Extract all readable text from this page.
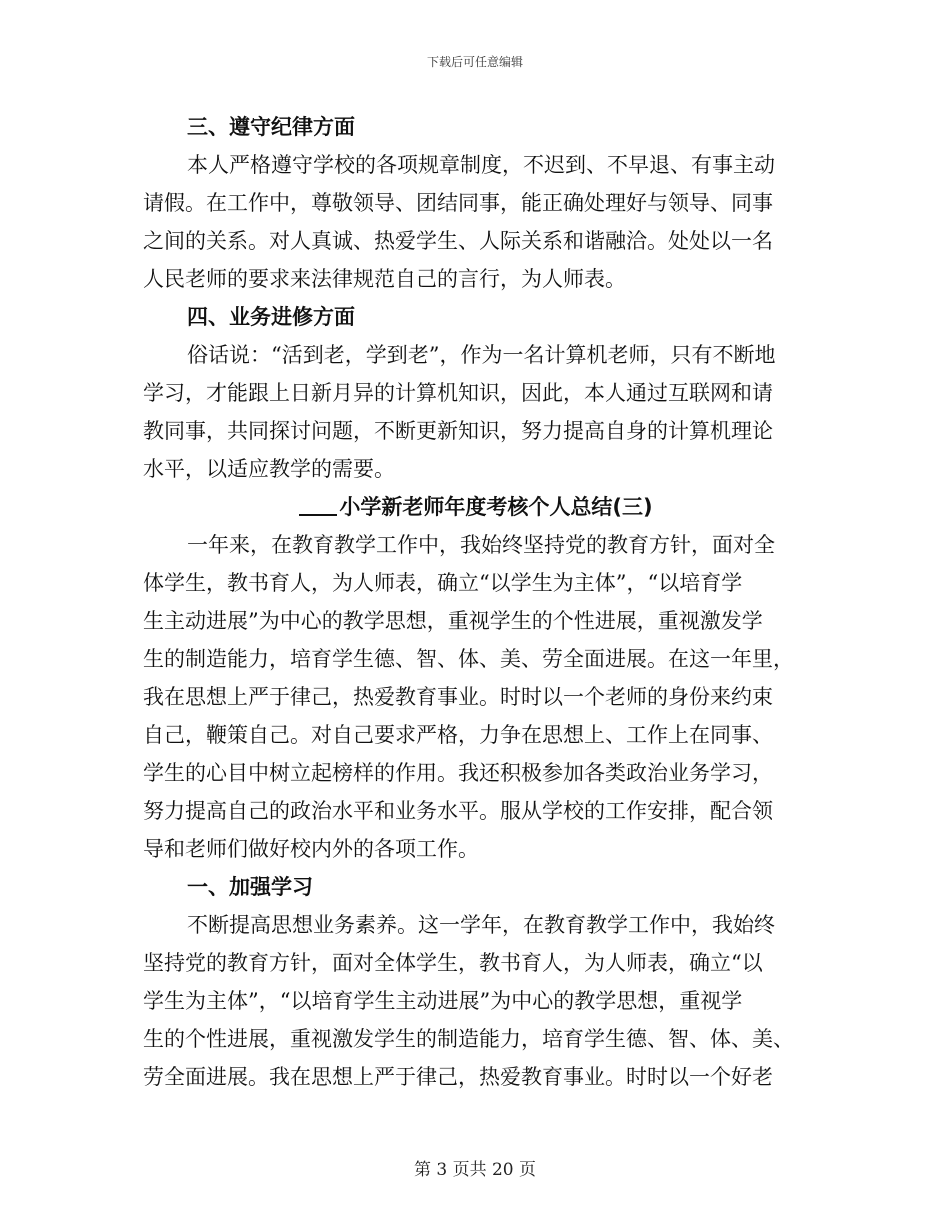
下载后可任意编辑
三、遵守纪律方面
本人严格遵守学校的各项规章制度，不迟到、不早退、有事主动
请假。在工作中，尊敬领导、团结同事，能正确处理好与领导、同事
之间的关系。对人真诚、热爱学生、人际关系和谐融洽。处处以一名
人民老师的要求来法律规范自己的言行，为人师表。
四、业务进修方面
俗话说：“活到老，学到老”，作为一名计算机老师，只有不断地
学习，才能跟上日新月异的计算机知识，因此，本人通过互联网和请
教同事，共同探讨问题，不断更新知识，努力提高自身的计算机理论
水平，以适应教学的需要。
小学新老师年度考核个人总结(三)
一年来，在教育教学工作中，我始终坚持党的教育方针，面对全
体学生，教书育人，为人师表，确立“以学生为主体”，“以培育学
生主动进展”为中心的教学思想，重视学生的个性进展，重视激发学
生的制造能力，培育学生德、智、体、美、劳全面进展。在这一年里，
我在思想上严于律己，热爱教育事业。时时以一个老师的身份来约束
自己，鞭策自己。对自己要求严格，力争在思想上、工作上在同事、
学生的心目中树立起榜样的作用。我还积极参加各类政治业务学习，
努力提高自己的政治水平和业务水平。服从学校的工作安排，配合领
导和老师们做好校内外的各项工作。
一、加强学习
不断提高思想业务素养。这一学年，在教育教学工作中，我始终
坚持党的教育方针，面对全体学生，教书育人，为人师表，确立“以
学生为主体”，“以培育学生主动进展”为中心的教学思想，重视学
生的个性进展，重视激发学生的制造能力，培育学生德、智、体、美、
劳全面进展。我在思想上严于律己，热爱教育事业。时时以一个好老
第 3 页共 20 页
